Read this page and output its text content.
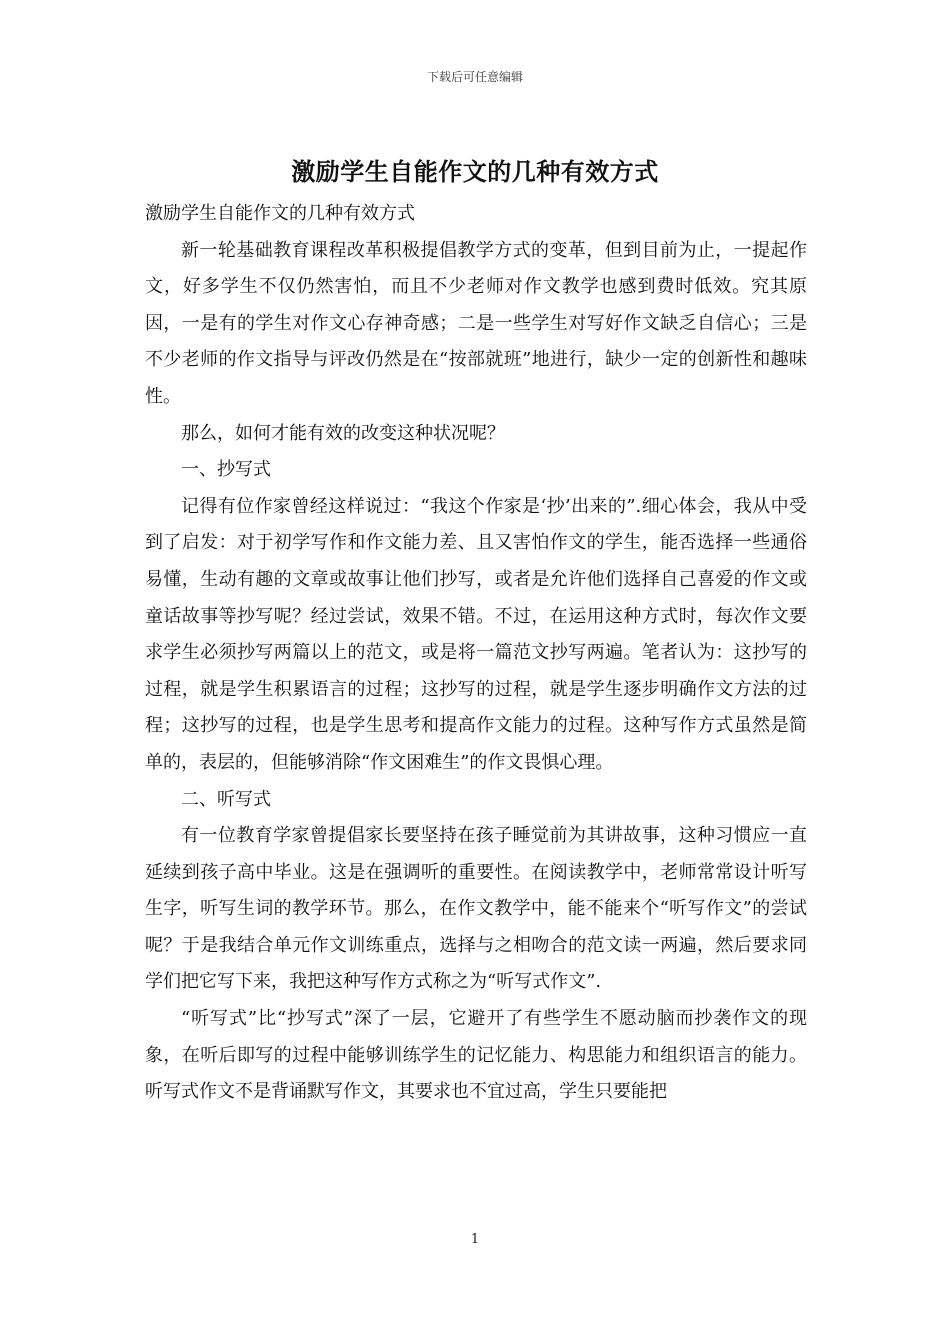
下载后可任意编辑
激励学生自能作文的几种有效方式

激励学生自能作文的几种有效方式

新一轮基础教育课程改革积极提倡教学方式的变革，但到目前为止，一提起作文，好多学生不仅仍然害怕，而且不少老师对作文教学也感到费时低效。究其原因，一是有的学生对作文心存神奇感；二是一些学生对写好作文缺乏自信心；三是不少老师的作文指导与评改仍然是在“按部就班”地进行，缺少一定的创新性和趣味性。

那么，如何才能有效的改变这种状况呢？

一、抄写式

记得有位作家曾经这样说过：“我这个作家是‘抄’出来的”.细心体会，我从中受到了启发：对于初学写作和作文能力差、且又害怕作文的学生，能否选择一些通俗易懂，生动有趣的文章或故事让他们抄写，或者是允许他们选择自己喜爱的作文或童话故事等抄写呢？经过尝试，效果不错。不过，在运用这种方式时，每次作文要求学生必须抄写两篇以上的范文，或是将一篇范文抄写两遍。笔者认为：这抄写的过程，就是学生积累语言的过程；这抄写的过程，就是学生逐步明确作文方法的过程；这抄写的过程，也是学生思考和提高作文能力的过程。这种写作方式虽然是简单的，表层的，但能够消除“作文困难生”的作文畏惧心理。

二、听写式

有一位教育学家曾提倡家长要坚持在孩子睡觉前为其讲故事，这种习惯应一直延续到孩子高中毕业。这是在强调听的重要性。在阅读教学中，老师常常设计听写生字，听写生词的教学环节。那么，在作文教学中，能不能来个“听写作文”的尝试呢？于是我结合单元作文训练重点，选择与之相吻合的范文读一两遍，然后要求同学们把它写下来，我把这种写作方式称之为“听写式作文”.

“听写式”比“抄写式”深了一层，它避开了有些学生不愿动脑而抄袭作文的现象，在听后即写的过程中能够训练学生的记忆能力、构思能力和组织语言的能力。听写式作文不是背诵默写作文，其要求也不宜过高，学生只要能把

1
